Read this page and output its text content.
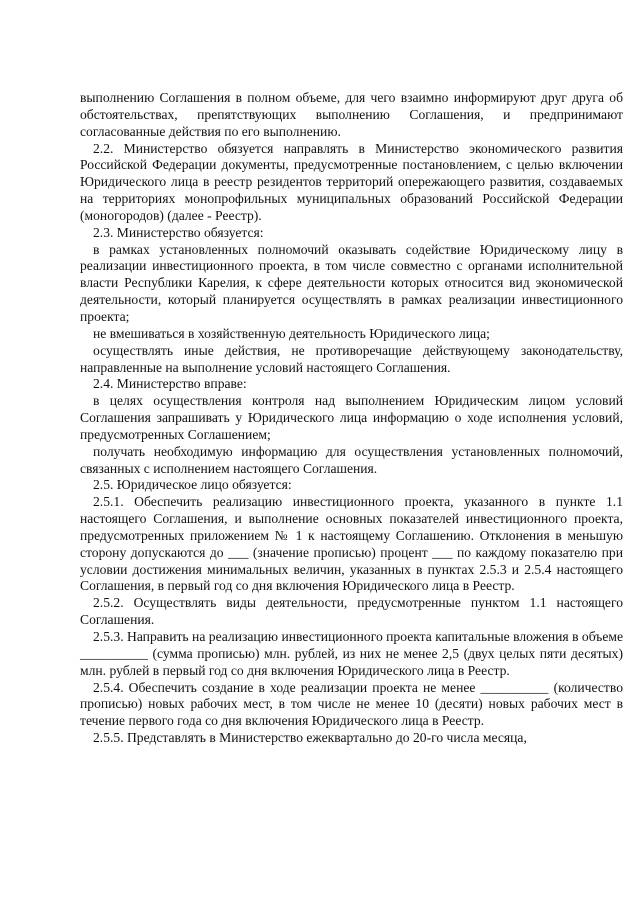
выполнению Соглашения в полном объеме, для чего взаимно информируют друг друга об обстоятельствах, препятствующих выполнению Соглашения, и предпринимают согласованные действия по его выполнению.

2.2. Министерство обязуется направлять в Министерство экономического развития Российской Федерации документы, предусмотренные постановлением, с целью включении Юридического лица в реестр резидентов территорий опережающего развития, создаваемых на территориях монопрофильных муниципальных образований Российской Федерации (моногородов) (далее - Реестр).

2.3. Министерство обязуется:

в рамках установленных полномочий оказывать содействие Юридическому лицу в реализации инвестиционного проекта, в том числе совместно с органами исполнительной власти Республики Карелия, к сфере деятельности которых относится вид экономической деятельности, который планируется осуществлять в рамках реализации инвестиционного проекта;

не вмешиваться в хозяйственную деятельность Юридического лица;

осуществлять иные действия, не противоречащие действующему законодательству, направленные на выполнение условий настоящего Соглашения.

2.4. Министерство вправе:

в целях осуществления контроля над выполнением Юридическим лицом условий Соглашения запрашивать у Юридического лица информацию о ходе исполнения условий, предусмотренных Соглашением;

получать необходимую информацию для осуществления установленных полномочий, связанных с исполнением настоящего Соглашения.

2.5. Юридическое лицо обязуется:

2.5.1. Обеспечить реализацию инвестиционного проекта, указанного в пункте 1.1 настоящего Соглашения, и выполнение основных показателей инвестиционного проекта, предусмотренных приложением № 1 к настоящему Соглашению. Отклонения в меньшую сторону допускаются до ___ (значение прописью) процент ___ по каждому показателю при условии достижения минимальных величин, указанных в пунктах 2.5.3 и 2.5.4 настоящего Соглашения, в первый год со дня включения Юридического лица в Реестр.

2.5.2. Осуществлять виды деятельности, предусмотренные пунктом 1.1 настоящего Соглашения.

2.5.3. Направить на реализацию инвестиционного проекта капитальные вложения в объеме __________ (сумма прописью) млн. рублей, из них не менее 2,5 (двух целых пяти десятых) млн. рублей в первый год со дня включения Юридического лица в Реестр.

2.5.4. Обеспечить создание в ходе реализации проекта не менее __________ (количество прописью) новых рабочих мест, в том числе не менее 10 (десяти) новых рабочих мест в течение первого года со дня включения Юридического лица в Реестр.

2.5.5. Представлять в Министерство ежеквартально до 20-го числа месяца,
